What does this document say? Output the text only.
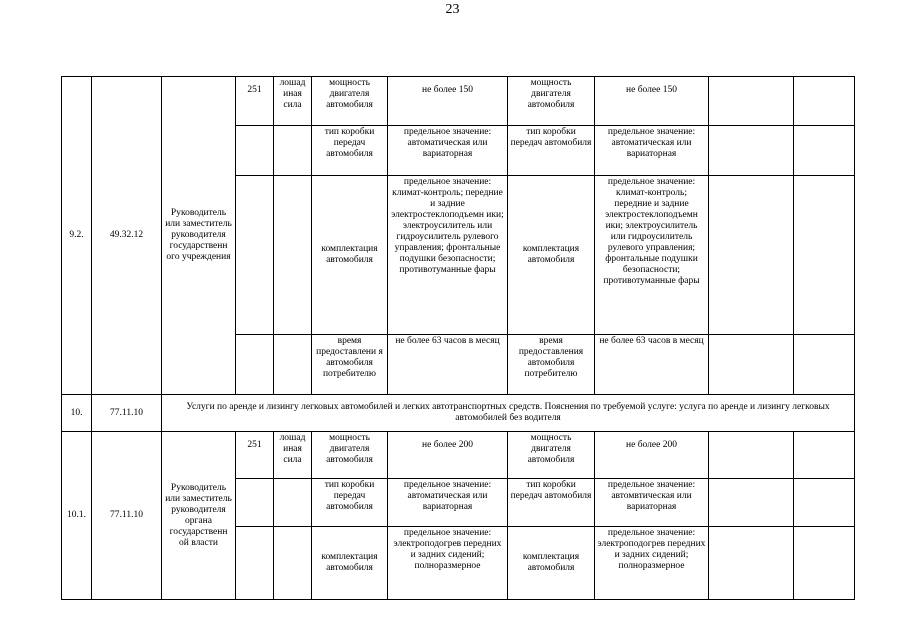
23
9.2.	49.32.12	Руководитель или заместитель руководителя государственн ого учреждения	251	лошад иная сила	мощность двигателя автомобиля	не более 150	мощность двигателя автомобиля	не более 150		
					тип коробки передач автомобиля	предельное значение: автоматическая или вариаторная	тип коробки передач автомобиля	предельное значение: автоматическая или вариаторная		
					комплектация автомобиля	предельное значение: климат-контроль; передние и задние электростеклоподъемн ики; электроусилитель или гидроусилитель рулевого управления; фронтальные подушки безопасности; противотуманные фары	комплектация автомобиля	предельное значение: климат-контроль; передние и задние электростеклоподъемн ики; электроусилитель или гидроусилитель рулевого управления; фронтальные подушки безопасности; противотуманные фары		
					время предоставлени я автомобиля потребителю	не более 63 часов в месяц	время предоставления автомобиля потребителю	не более 63 часов в месяц		
10.	77.11.10	Услуги по аренде и лизингу легковых автомобилей и легких автотранспортных средств. Пояснения по требуемой услуге: услуга по аренде и лизингу легковых автомобилей без водителя								
10.1.	77.11.10	Руководитель или заместитель руководителя органа государственн ой власти	251	лошад иная сила	мощность двигателя автомобиля	не более 200	мощность двигателя автомобиля	не более 200		
					тип коробки передач автомобиля	предельное значение: автоматическая или вариаторная	тип коробки передач автомобиля	предельное значение: автомвтическая или вариаторная		
					комплектация автомобиля	предельное значение: электроподогрев передних и задних сидений; полноразмерное	комплектация автомобиля	предельное значение: электроподогрев передних и задних сидений; полноразмерное		
